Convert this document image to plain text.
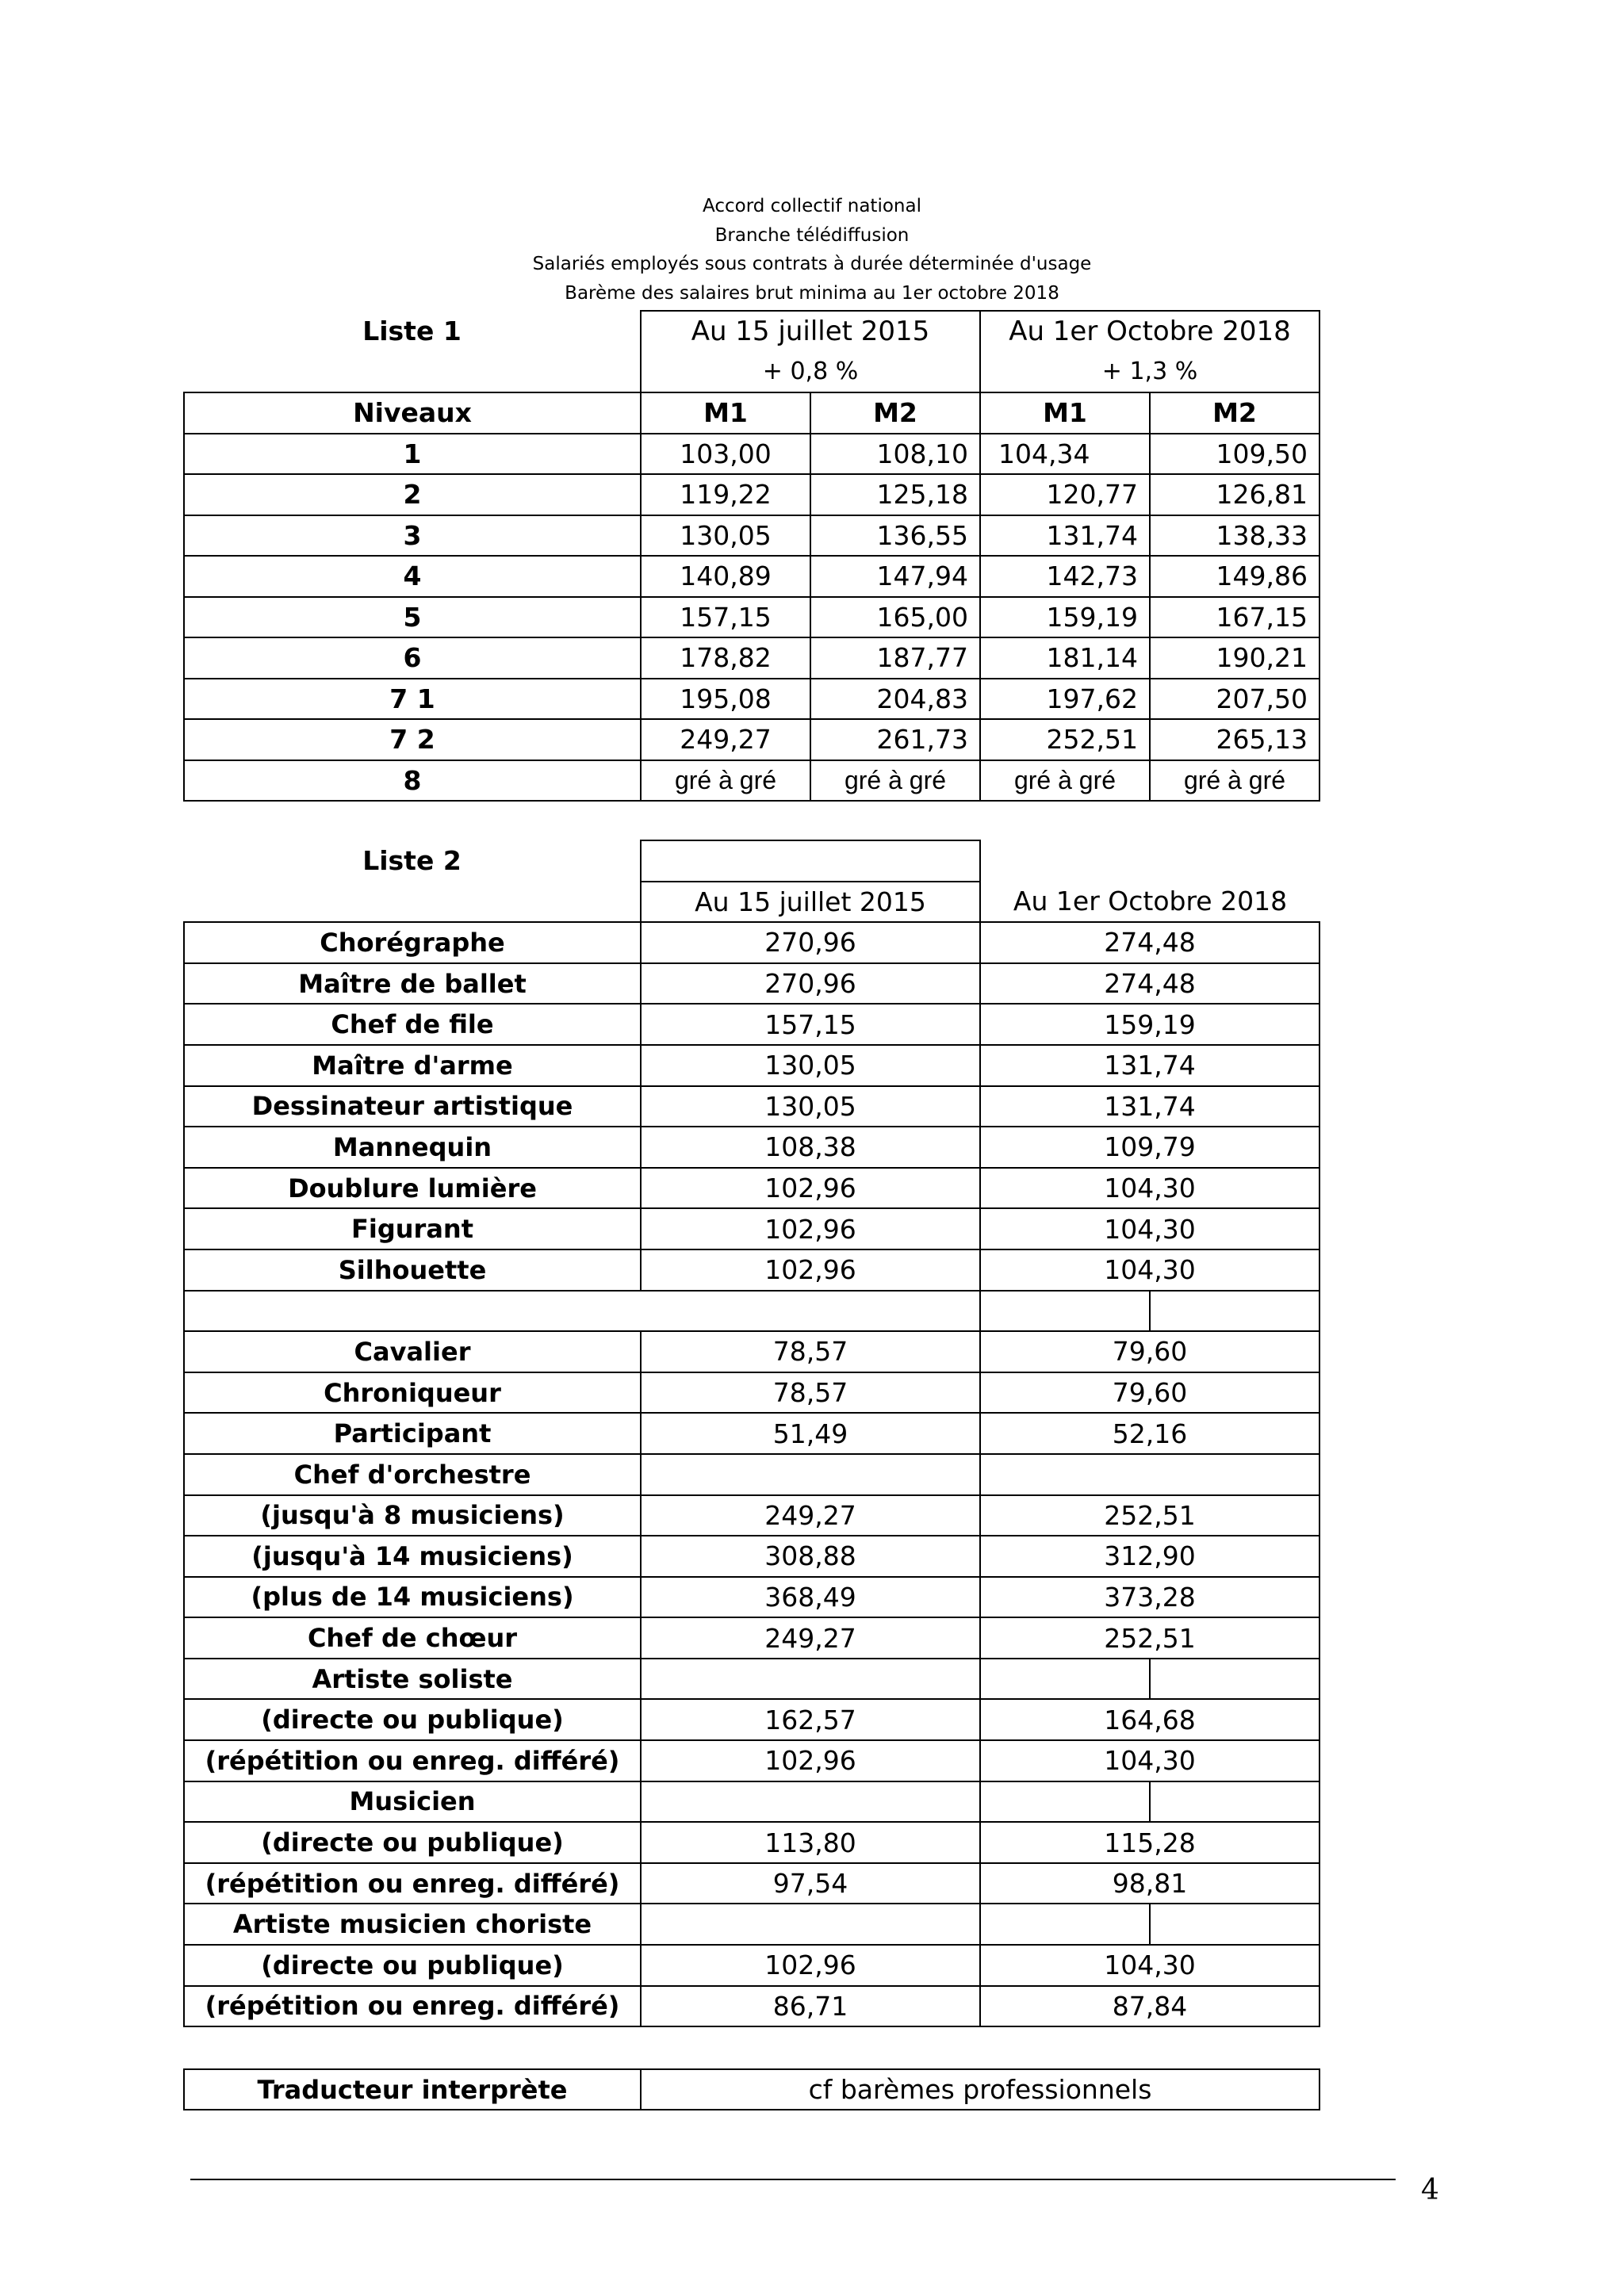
Accord collectif national
Branche télédiffusion
Salariés employés sous contrats à durée déterminée d'usage
Barème des salaires brut minima au 1er octobre 2018
Liste 1	Au 15 juillet 2015		Au 1er Octobre 2018	
	+ 0,8 %		+ 1,3 %	
Niveaux	M1	M2	M1	M2
1	103,00	108,10	104,34	109,50
2	119,22	125,18	120,77	126,81
3	130,05	136,55	131,74	138,33
4	140,89	147,94	142,73	149,86
5	157,15	165,00	159,19	167,15
6	178,82	187,77	181,14	190,21
7 1	195,08	204,83	197,62	207,50
7 2	249,27	261,73	252,51	265,13
8	gré à gré	gré à gré	gré à gré	gré à gré
Liste 2			
	Au 15 juillet 2015	Au 1er Octobre 2018	
Chorégraphe	270,96	274,48	
Maître de ballet	270,96	274,48	
Chef de file	157,15	159,19	
Maître d'arme	130,05	131,74	
Dessinateur artistique	130,05	131,74	
Mannequin	108,38	109,79	
Doublure lumière	102,96	104,30	
Figurant	102,96	104,30	
Silhouette	102,96	104,30	

Cavalier	78,57	79,60	
Chroniqueur	78,57	79,60	
Participant	51,49	52,16	
Chef d'orchestre			
(jusqu'à 8 musiciens)	249,27	252,51	
(jusqu'à 14 musiciens)	308,88	312,90	
(plus de 14 musiciens)	368,49	373,28	
Chef de chœur	249,27	252,51	
Artiste soliste			
(directe ou publique)	162,57	164,68	
(répétition ou enreg. différé)	102,96	104,30	
Musicien			
(directe ou publique)	113,80	115,28	
(répétition ou enreg. différé)	97,54	98,81	
Artiste musicien choriste			
(directe ou publique)	102,96	104,30	
(répétition ou enreg. différé)	86,71	87,84	
Traducteur interprète	cf barèmes professionnels
4
